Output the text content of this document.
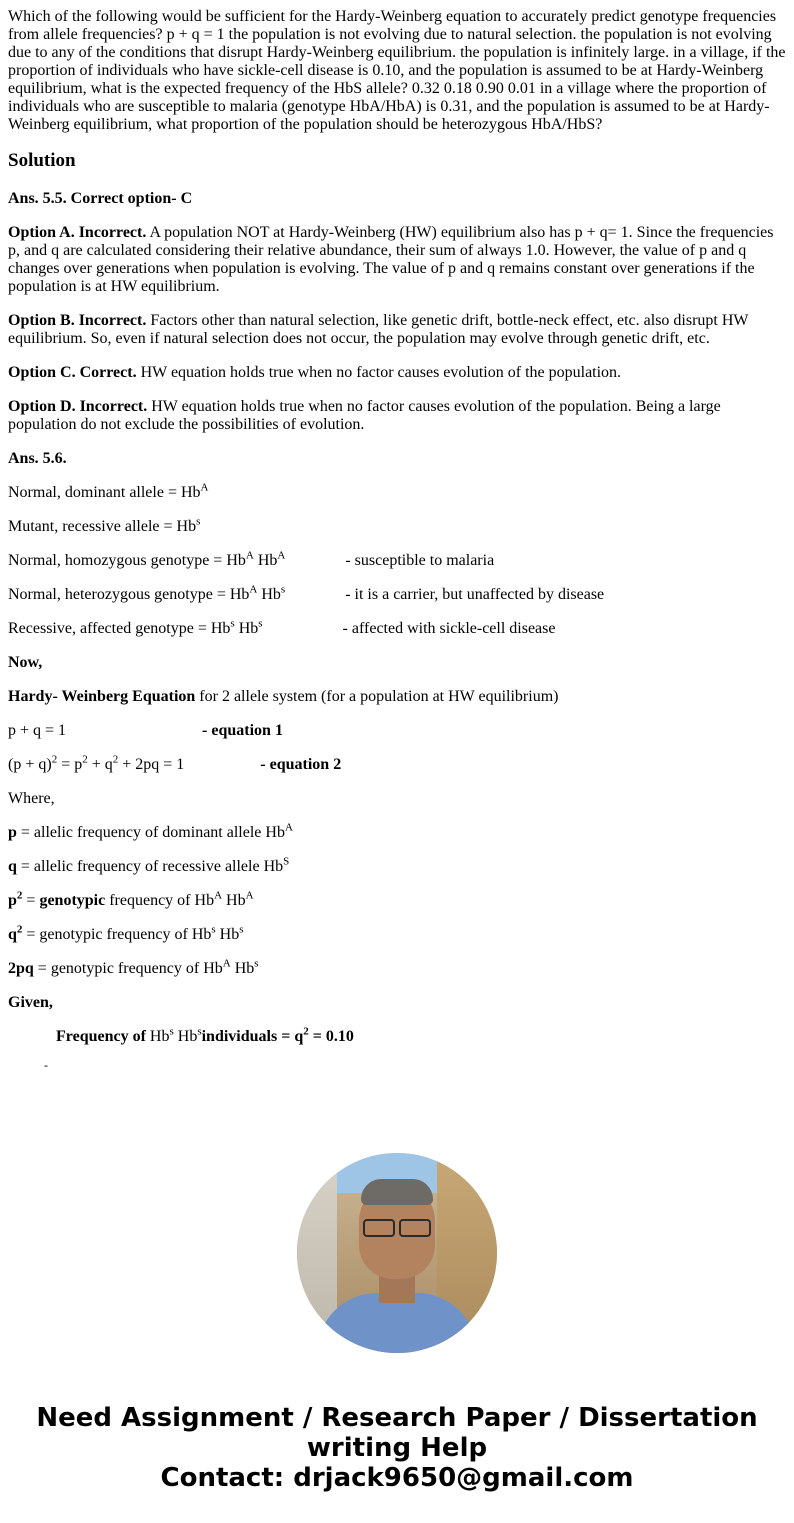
Which of the following would be sufficient for the Hardy-Weinberg equation to accurately predict genotype frequencies from allele frequencies? p + q = 1 the population is not evolving due to natural selection. the population is not evolving due to any of the conditions that disrupt Hardy-Weinberg equilibrium. the population is infinitely large. in a village, if the proportion of individuals who have sickle-cell disease is 0.10, and the population is assumed to be at Hardy-Weinberg equilibrium, what is the expected frequency of the HbS allele? 0.32 0.18 0.90 0.01 in a village where the proportion of individuals who are susceptible to malaria (genotype HbA/HbA) is 0.31, and the population is assumed to be at Hardy-Weinberg equilibrium, what proportion of the population should be heterozygous HbA/HbS?

Solution

Ans. 5.5. Correct option- C

Option A. Incorrect. A population NOT at Hardy-Weinberg (HW) equilibrium also has p + q= 1. Since the frequencies p, and q are calculated considering their relative abundance, their sum of always 1.0. However, the value of p and q changes over generations when population is evolving. The value of p and q remains constant over generations if the population is at HW equilibrium.

Option B. Incorrect. Factors other than natural selection, like genetic drift, bottle-neck effect, etc. also disrupt HW equilibrium. So, even if natural selection does not occur, the population may evolve through genetic drift, etc.

Option C. Correct. HW equation holds true when no factor causes evolution of the population.

Option D. Incorrect. HW equation holds true when no factor causes evolution of the population. Being a large population do not exclude the possibilities of evolution.

Ans. 5.6.

Normal, dominant allele = $Hb^A$

Mutant, recessive allele = $Hb^s$

Normal, homozygous genotype = $Hb^A$ $Hb^A$	- susceptible to malaria

Normal, heterozygous genotype = $Hb^A$ Hb$^s$	- it is a carrier, but unaffected by disease

Recessive, affected genotype = $Hb^s$ Hb$^s$	- affected with sickle-cell disease

Now,

Hardy- Weinberg Equation for 2 allele system (for a population at HW equilibrium)

p + q = 1	- equation 1

$(p + q)^2 = p^2 + q^2 + 2pq = 1$	- equation 2

Where,

p = allelic frequency of dominant allele $Hb^A$

q = allelic frequency of recessive allele $Hb^S$

$p^2$ = genotypic frequency of $Hb^A$ $Hb^A$

$q^2$ = genotypic frequency of Hb$^s$ Hb$^s$

2pq = genotypic frequency of $Hb^A$ Hb$^s$

Given,

Frequency of Hb$^s$ $Hb^sindividuals = q^2 = 0.10$

-
Need Assignment / Research Paper / Dissertation
writing Help
Contact: drjack9650@gmail.com
